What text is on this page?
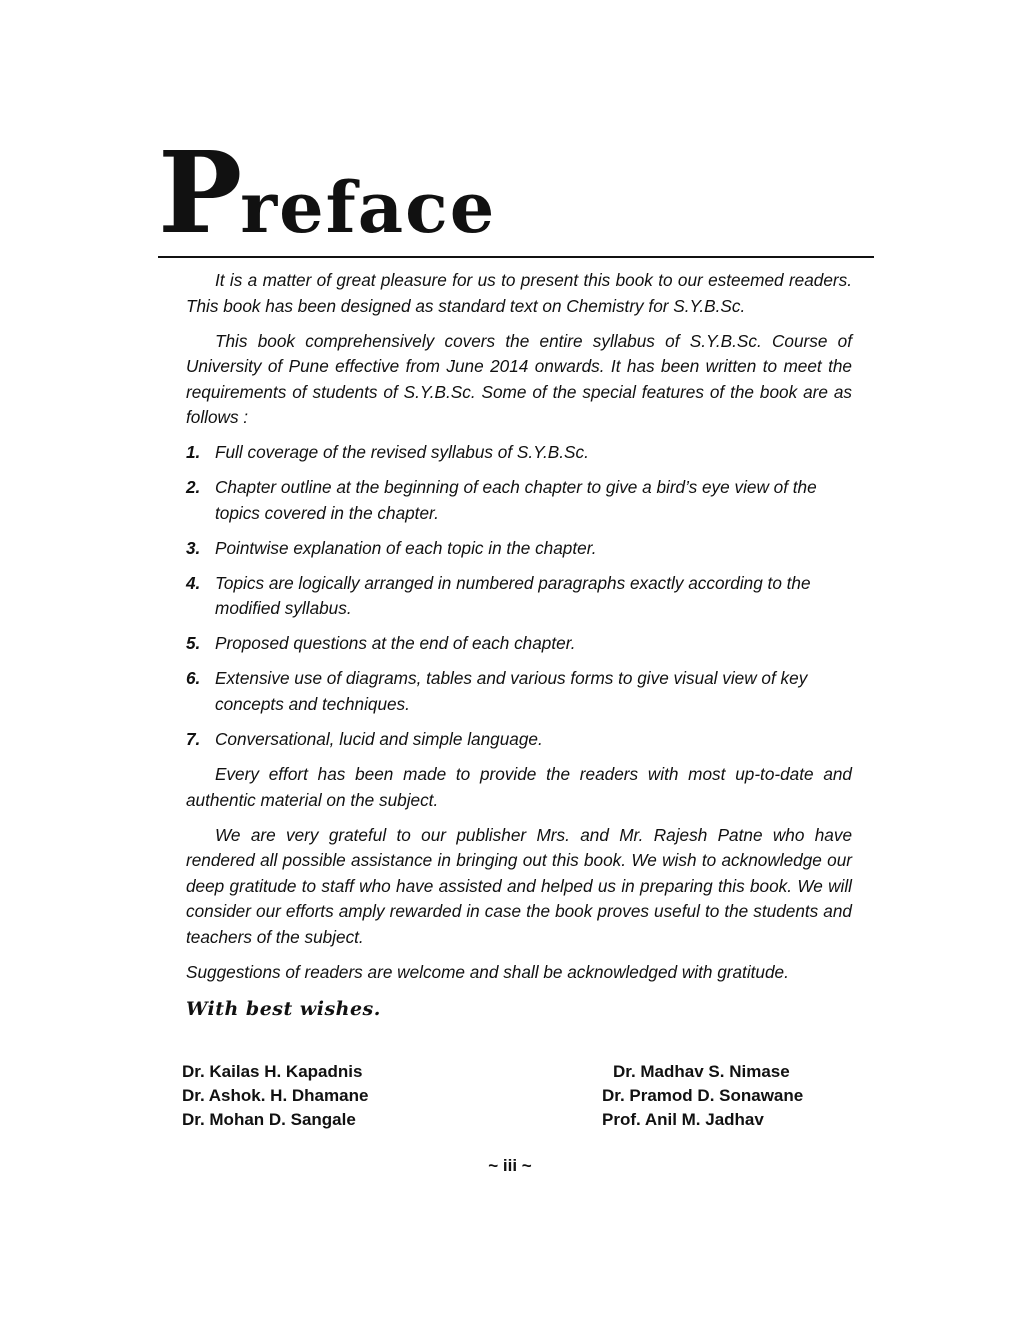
Preface

It is a matter of great pleasure for us to present this book to our esteemed readers. This book has been designed as standard text on Chemistry for S.Y.B.Sc.

This book comprehensively covers the entire syllabus of S.Y.B.Sc. Course of University of Pune effective from June 2014 onwards. It has been written to meet the requirements of students of S.Y.B.Sc. Some of the special features of the book are as follows :

1. Full coverage of the revised syllabus of S.Y.B.Sc.
2. Chapter outline at the beginning of each chapter to give a bird’s eye view of the topics covered in the chapter.
3. Pointwise explanation of each topic in the chapter.
4. Topics are logically arranged in numbered paragraphs exactly according to the modified syllabus.
5. Proposed questions at the end of each chapter.
6. Extensive use of diagrams, tables and various forms to give visual view of key concepts and techniques.
7. Conversational, lucid and simple language.

Every effort has been made to provide the readers with most up-to-date and authentic material on the subject.

We are very grateful to our publisher Mrs. and Mr. Rajesh Patne who have rendered all possible assistance in bringing out this book. We wish to acknowledge our deep gratitude to staff who have assisted and helped us in preparing this book. We will consider our efforts amply rewarded in case the book proves useful to the students and teachers of the subject.

Suggestions of readers are welcome and shall be acknowledged with gratitude.

With best wishes.
Dr. Kailas H. Kapadnis
Dr. Ashok. H. Dhamane
Dr. Mohan D. Sangale
Dr. Madhav S. Nimase
Dr. Pramod D. Sonawane
Prof. Anil M. Jadhav
~ iii ~
